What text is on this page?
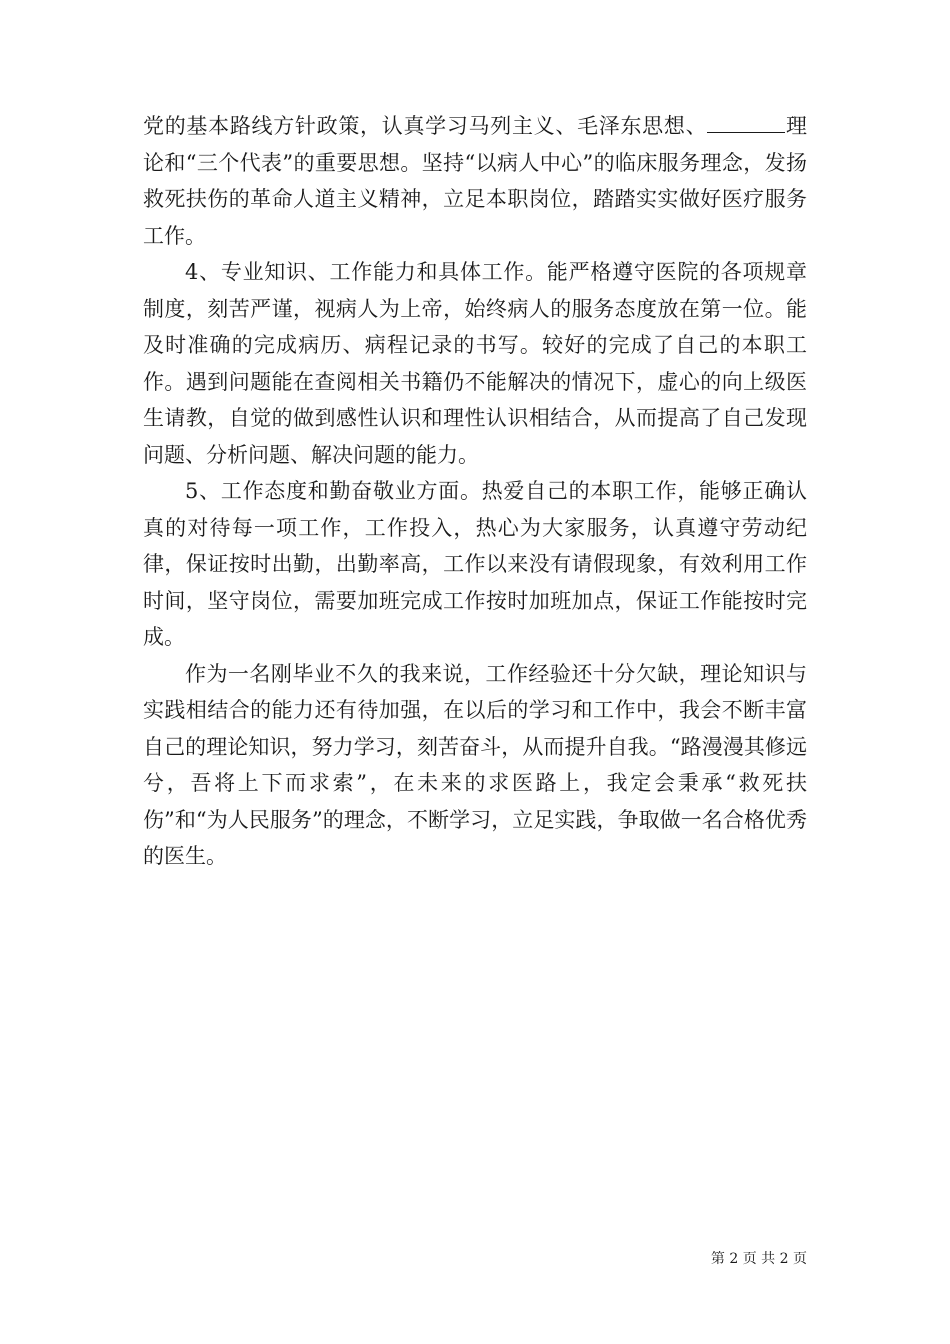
党的基本路线方针政策，认真学习马列主义、毛泽东思想、	理论和“三个代表”的重要思想。坚持“以病人中心”的临床服务理念，发扬救死扶伤的革命人道主义精神，立足本职岗位，踏踏实实做好医疗服务工作。

4、专业知识、工作能力和具体工作。能严格遵守医院的各项规章制度，刻苦严谨，视病人为上帝，始终病人的服务态度放在第一位。能及时准确的完成病历、病程记录的书写。较好的完成了自己的本职工作。遇到问题能在查阅相关书籍仍不能解决的情况下，虚心的向上级医生请教，自觉的做到感性认识和理性认识相结合，从而提高了自己发现问题、分析问题、解决问题的能力。

5、工作态度和勤奋敬业方面。热爱自己的本职工作，能够正确认真的对待每一项工作，工作投入，热心为大家服务，认真遵守劳动纪律，保证按时出勤，出勤率高，工作以来没有请假现象，有效利用工作时间，坚守岗位，需要加班完成工作按时加班加点，保证工作能按时完成。

作为一名刚毕业不久的我来说，工作经验还十分欠缺，理论知识与实践相结合的能力还有待加强，在以后的学习和工作中，我会不断丰富自己的理论知识，努力学习，刻苦奋斗，从而提升自我。“路漫漫其修远兮，吾将上下而求索”，在未来的求医路上，我定会秉承“救死扶伤”和“为人民服务”的理念，不断学习，立足实践，争取做一名合格优秀的医生。

第 2 页 共 2 页
